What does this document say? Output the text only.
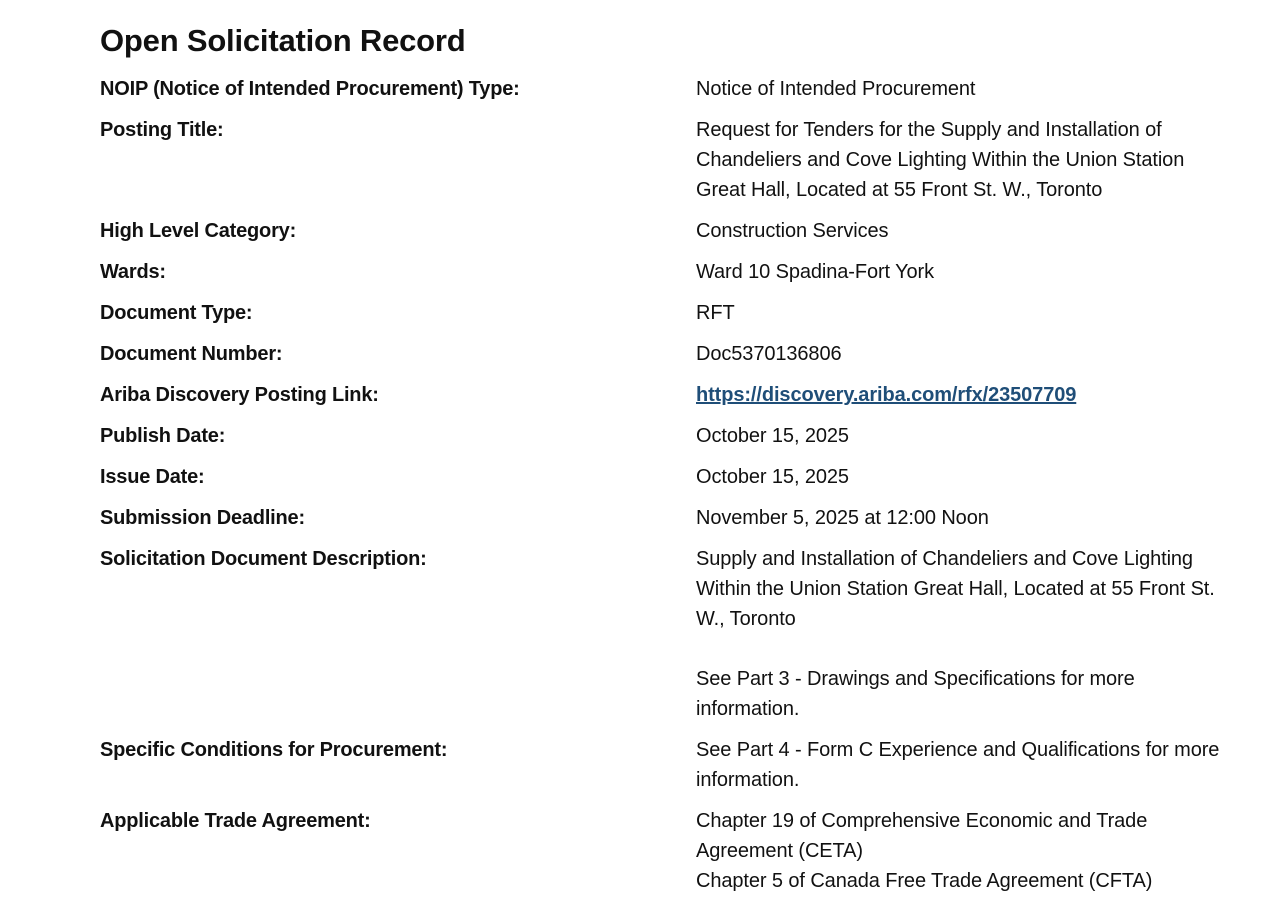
Open Solicitation Record
NOIP (Notice of Intended Procurement) Type:	Notice of Intended Procurement
Posting Title:	Request for Tenders for the Supply and Installation of
Chandeliers and Cove Lighting Within the Union Station
Great Hall, Located at 55 Front St. W., Toronto
High Level Category:	Construction Services
Wards:	Ward 10 Spadina-Fort York
Document Type:	RFT
Document Number:	Doc5370136806
Ariba Discovery Posting Link:	https://discovery.ariba.com/rfx/23507709
Publish Date:	October 15, 2025
Issue Date:	October 15, 2025
Submission Deadline:	November 5, 2025 at 12:00 Noon
Solicitation Document Description:	Supply and Installation of Chandeliers and Cove Lighting
Within the Union Station Great Hall, Located at 55 Front St.
W., Toronto
See Part 3 - Drawings and Specifications for more
information.
Specific Conditions for Procurement:	See Part 4 - Form C Experience and Qualifications for more
information.
Applicable Trade Agreement:	Chapter 19 of Comprehensive Economic and Trade
Agreement (CETA)
Chapter 5 of Canada Free Trade Agreement (CFTA)
